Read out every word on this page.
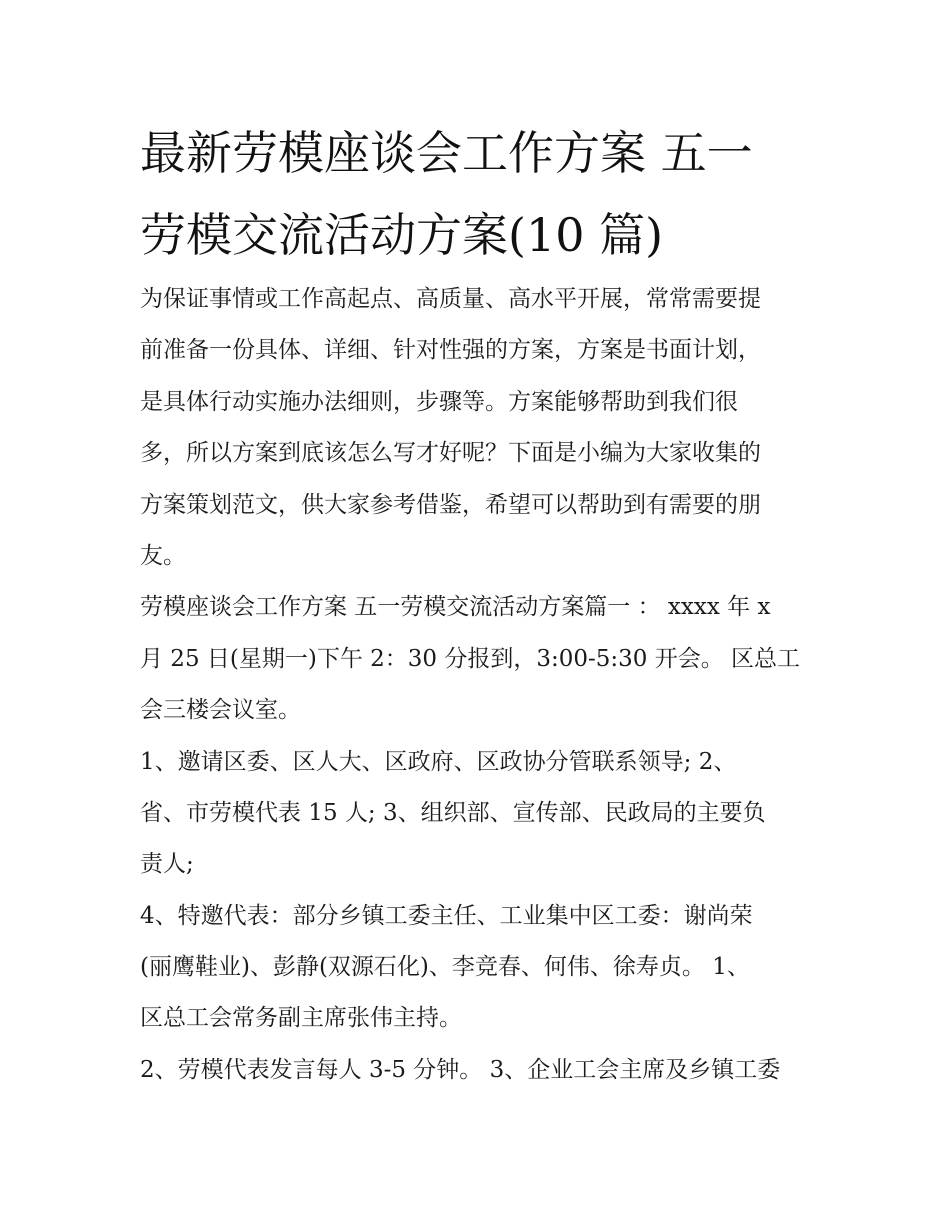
最新劳模座谈会工作方案 五一
劳模交流活动方案(10 篇)
为保证事情或工作高起点、高质量、高水平开展，常常需要提
前准备一份具体、详细、针对性强的方案，方案是书面计划，
是具体行动实施办法细则，步骤等。方案能够帮助到我们很
多，所以方案到底该怎么写才好呢？下面是小编为大家收集的
方案策划范文，供大家参考借鉴，希望可以帮助到有需要的朋
友。
劳模座谈会工作方案 五一劳模交流活动方案篇一 ： xxxx 年 x
月 25 日(星期一)下午 2：30 分报到，3:00-5:30 开会。 区总工
会三楼会议室。
1、邀请区委、区人大、区政府、区政协分管联系领导; 2、
省、市劳模代表 15 人; 3、组织部、宣传部、民政局的主要负
责人;
4、特邀代表：部分乡镇工委主任、工业集中区工委：谢尚荣
(丽鹰鞋业)、彭静(双源石化)、李竞春、何伟、徐寿贞。 1、
区总工会常务副主席张伟主持。
2、劳模代表发言每人 3-5 分钟。 3、企业工会主席及乡镇工委
